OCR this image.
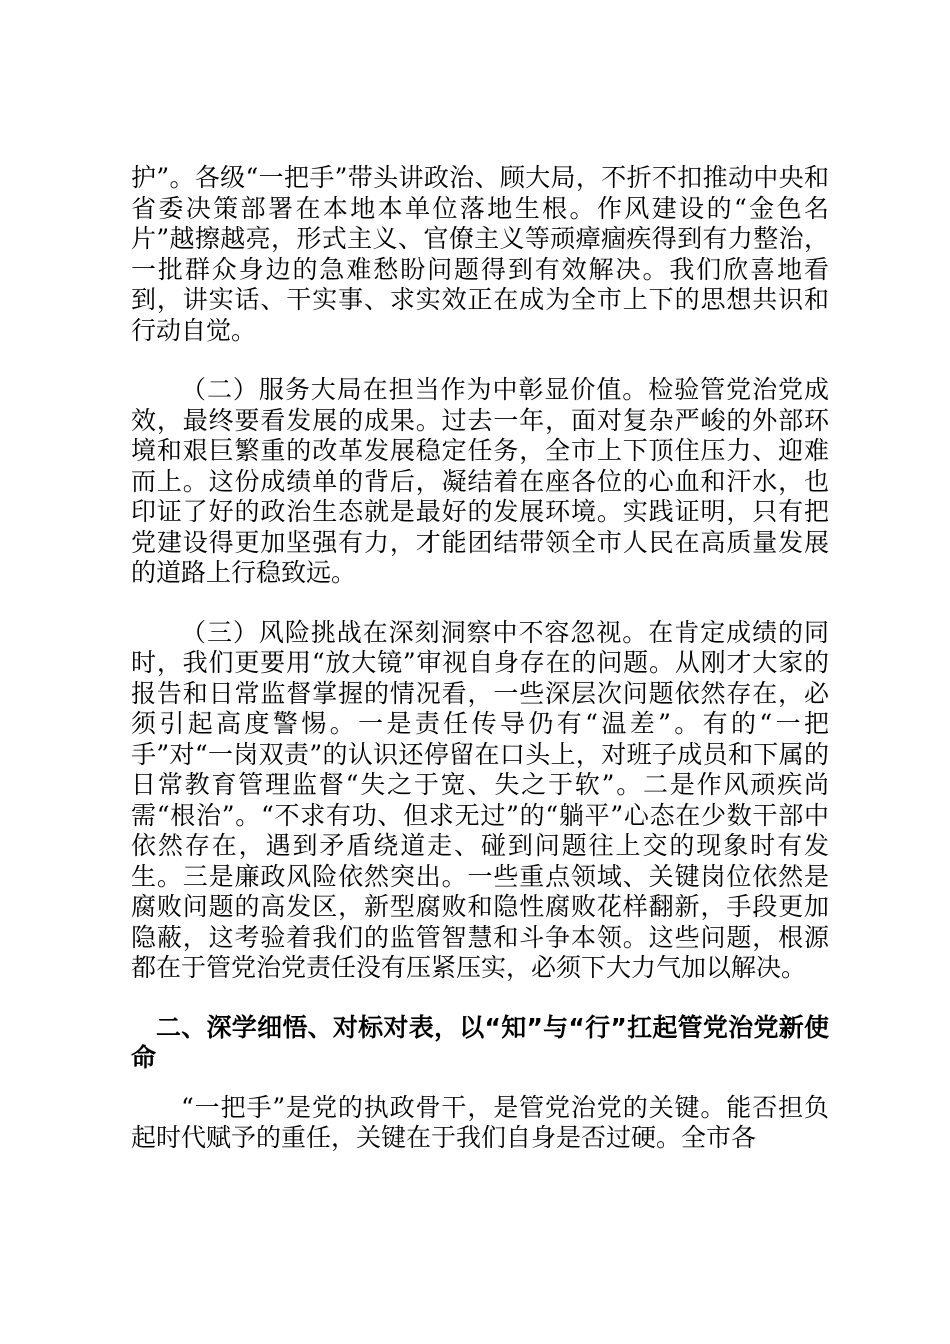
护”。各级“一把手”带头讲政治、顾大局，不折不扣推动中央和省委决策部署在本地本单位落地生根。作风建设的“金色名片”越擦越亮，形式主义、官僚主义等顽瘴痼疾得到有力整治，一批群众身边的急难愁盼问题得到有效解决。我们欣喜地看到，讲实话、干实事、求实效正在成为全市上下的思想共识和行动自觉。

（二）服务大局在担当作为中彰显价值。检验管党治党成效，最终要看发展的成果。过去一年，面对复杂严峻的外部环境和艰巨繁重的改革发展稳定任务，全市上下顶住压力、迎难而上。这份成绩单的背后，凝结着在座各位的心血和汗水，也印证了好的政治生态就是最好的发展环境。实践证明，只有把党建设得更加坚强有力，才能团结带领全市人民在高质量发展的道路上行稳致远。

（三）风险挑战在深刻洞察中不容忽视。在肯定成绩的同时，我们更要用“放大镜”审视自身存在的问题。从刚才大家的报告和日常监督掌握的情况看，一些深层次问题依然存在，必须引起高度警惕。一是责任传导仍有“温差”。有的“一把手”对“一岗双责”的认识还停留在口头上，对班子成员和下属的日常教育管理监督“失之于宽、失之于软”。二是作风顽疾尚需“根治”。“不求有功、但求无过”的“躺平”心态在少数干部中依然存在，遇到矛盾绕道走、碰到问题往上交的现象时有发生。三是廉政风险依然突出。一些重点领域、关键岗位依然是腐败问题的高发区，新型腐败和隐性腐败花样翻新，手段更加隐蔽，这考验着我们的监管智慧和斗争本领。这些问题，根源都在于管党治党责任没有压紧压实，必须下大力气加以解决。

二、深学细悟、对标对表，以“知”与“行”扛起管党治党新使命

“一把手”是党的执政骨干，是管党治党的关键。能否担负起时代赋予的重任，关键在于我们自身是否过硬。全市各
